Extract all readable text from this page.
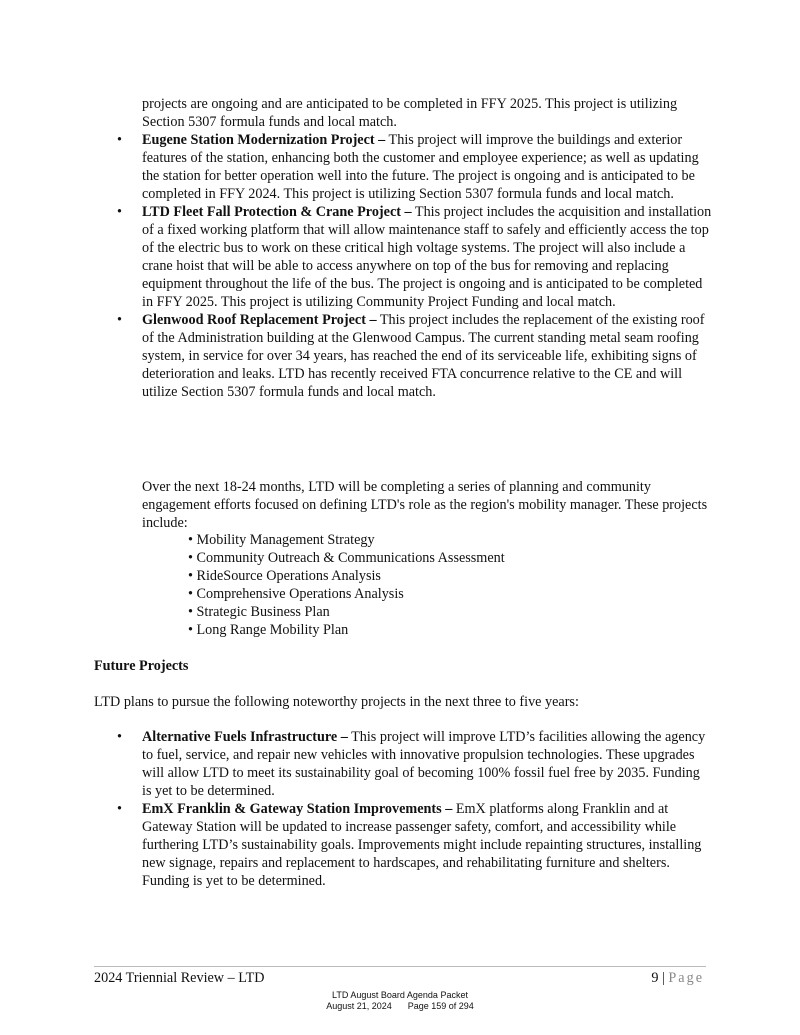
projects are ongoing and are anticipated to be completed in FFY 2025. This project is utilizing Section 5307 formula funds and local match.
• Eugene Station Modernization Project – This project will improve the buildings and exterior features of the station, enhancing both the customer and employee experience; as well as updating the station for better operation well into the future. The project is ongoing and is anticipated to be completed in FFY 2024. This project is utilizing Section 5307 formula funds and local match.
• LTD Fleet Fall Protection & Crane Project – This project includes the acquisition and installation of a fixed working platform that will allow maintenance staff to safely and efficiently access the top of the electric bus to work on these critical high voltage systems. The project will also include a crane hoist that will be able to access anywhere on top of the bus for removing and replacing equipment throughout the life of the bus. The project is ongoing and is anticipated to be completed in FFY 2025. This project is utilizing Community Project Funding and local match.
• Glenwood Roof Replacement Project – This project includes the replacement of the existing roof of the Administration building at the Glenwood Campus. The current standing metal seam roofing system, in service for over 34 years, has reached the end of its serviceable life, exhibiting signs of deterioration and leaks. LTD has recently received FTA concurrence relative to the CE and will utilize Section 5307 formula funds and local match.
Over the next 18-24 months, LTD will be completing a series of planning and community engagement efforts focused on defining LTD's role as the region's mobility manager. These projects include:
• Mobility Management Strategy
• Community Outreach & Communications Assessment
• RideSource Operations Analysis
• Comprehensive Operations Analysis
• Strategic Business Plan
• Long Range Mobility Plan
Future Projects
LTD plans to pursue the following noteworthy projects in the next three to five years:
• Alternative Fuels Infrastructure – This project will improve LTD’s facilities allowing the agency to fuel, service, and repair new vehicles with innovative propulsion technologies. These upgrades will allow LTD to meet its sustainability goal of becoming 100% fossil fuel free by 2035. Funding is yet to be determined.
• EmX Franklin & Gateway Station Improvements – EmX platforms along Franklin and at Gateway Station will be updated to increase passenger safety, comfort, and accessibility while furthering LTD’s sustainability goals. Improvements might include repainting structures, installing new signage, repairs and replacement to hardscapes, and rehabilitating furniture and shelters. Funding is yet to be determined.
2024 Triennial Review – LTD	9 | Page
LTD August Board Agenda Packet
August 21, 2024 Page 159 of 294
